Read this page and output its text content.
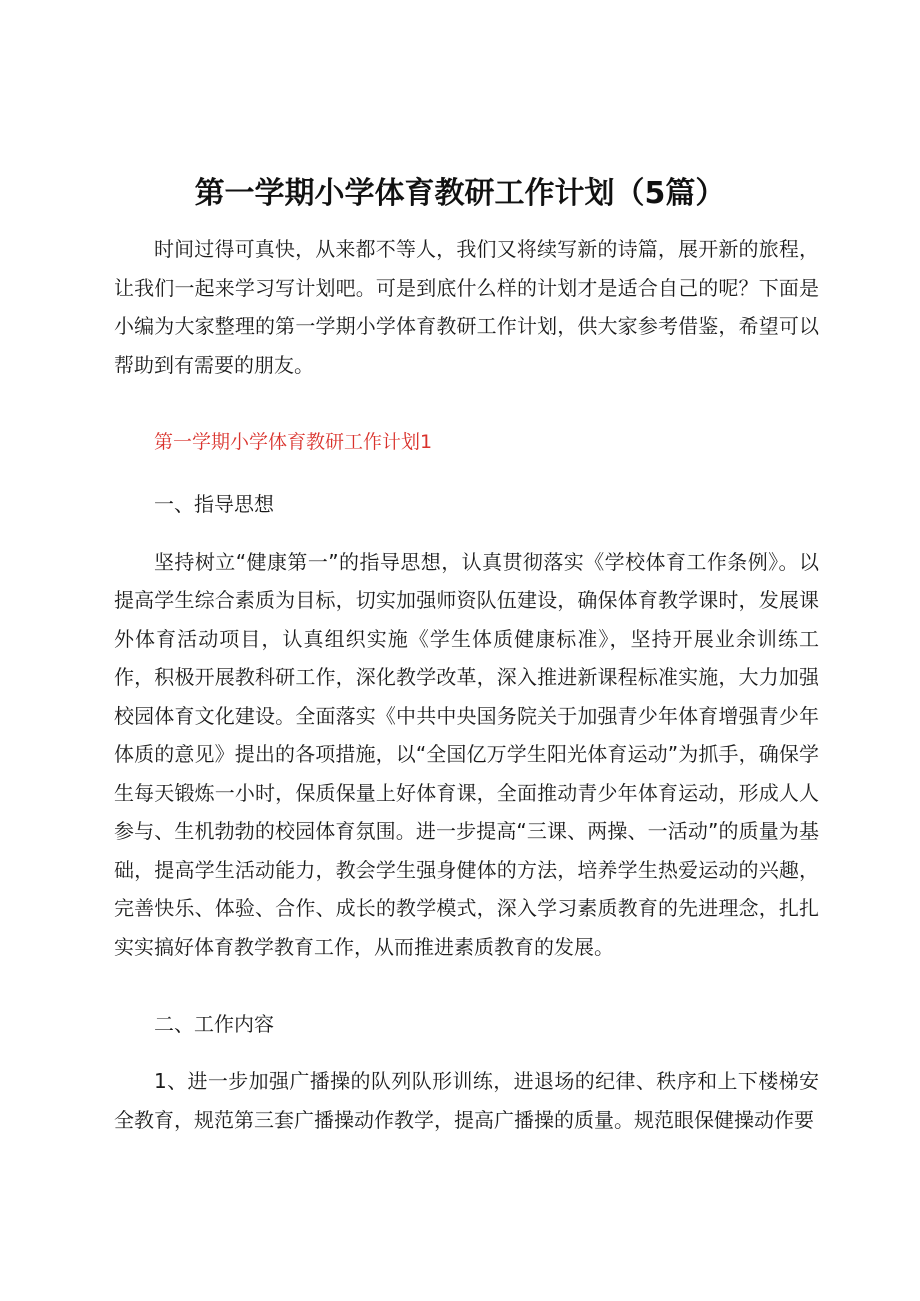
第一学期小学体育教研工作计划（5篇）

时间过得可真快，从来都不等人，我们又将续写新的诗篇，展开新的旅程，让我们一起来学习写计划吧。可是到底什么样的计划才是适合自己的呢？下面是小编为大家整理的第一学期小学体育教研工作计划，供大家参考借鉴，希望可以帮助到有需要的朋友。

第一学期小学体育教研工作计划1

一、指导思想

坚持树立“健康第一”的指导思想，认真贯彻落实《学校体育工作条例》。以提高学生综合素质为目标，切实加强师资队伍建设，确保体育教学课时，发展课外体育活动项目，认真组织实施《学生体质健康标准》，坚持开展业余训练工作，积极开展教科研工作，深化教学改革，深入推进新课程标准实施，大力加强校园体育文化建设。全面落实《中共中央国务院关于加强青少年体育增强青少年体质的意见》提出的各项措施，以“全国亿万学生阳光体育运动”为抓手，确保学生每天锻炼一小时，保质保量上好体育课，全面推动青少年体育运动，形成人人参与、生机勃勃的校园体育氛围。进一步提高“三课、两操、一活动”的质量为基础，提高学生活动能力，教会学生强身健体的方法，培养学生热爱运动的兴趣，完善快乐、体验、合作、成长的教学模式，深入学习素质教育的先进理念，扎扎实实搞好体育教学教育工作，从而推进素质教育的发展。

二、工作内容

1、进一步加强广播操的队列队形训练，进退场的纪律、秩序和上下楼梯安全教育，规范第三套广播操动作教学，提高广播操的质量。规范眼保健操动作要
